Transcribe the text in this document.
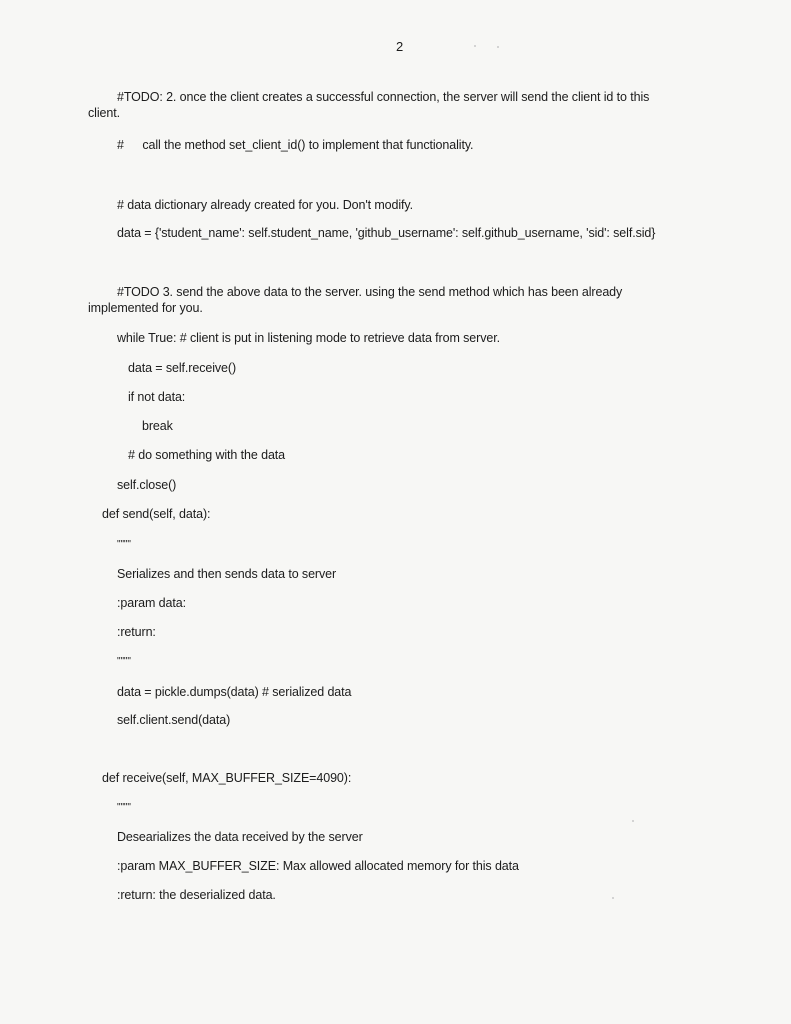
2
#TODO: 2. once the client creates a successful connection, the server will send the client id to this
client.
# call the method set_client_id() to implement that functionality.
# data dictionary already created for you. Don't modify.
data = {'student_name': self.student_name, 'github_username': self.github_username, 'sid': self.sid}
#TODO 3. send the above data to the server. using the send method which has been already
implemented for you.
while True: # client is put in listening mode to retrieve data from server.
data = self.receive()
if not data:
break
# do something with the data
self.close()
def send(self, data):
""""
Serializes and then sends data to server
:param data:
:return:
""""
data = pickle.dumps(data) # serialized data
self.client.send(data)
def receive(self, MAX_BUFFER_SIZE=4090):
""""
Desearializes the data received by the server
:param MAX_BUFFER_SIZE: Max allowed allocated memory for this data
:return: the deserialized data.
